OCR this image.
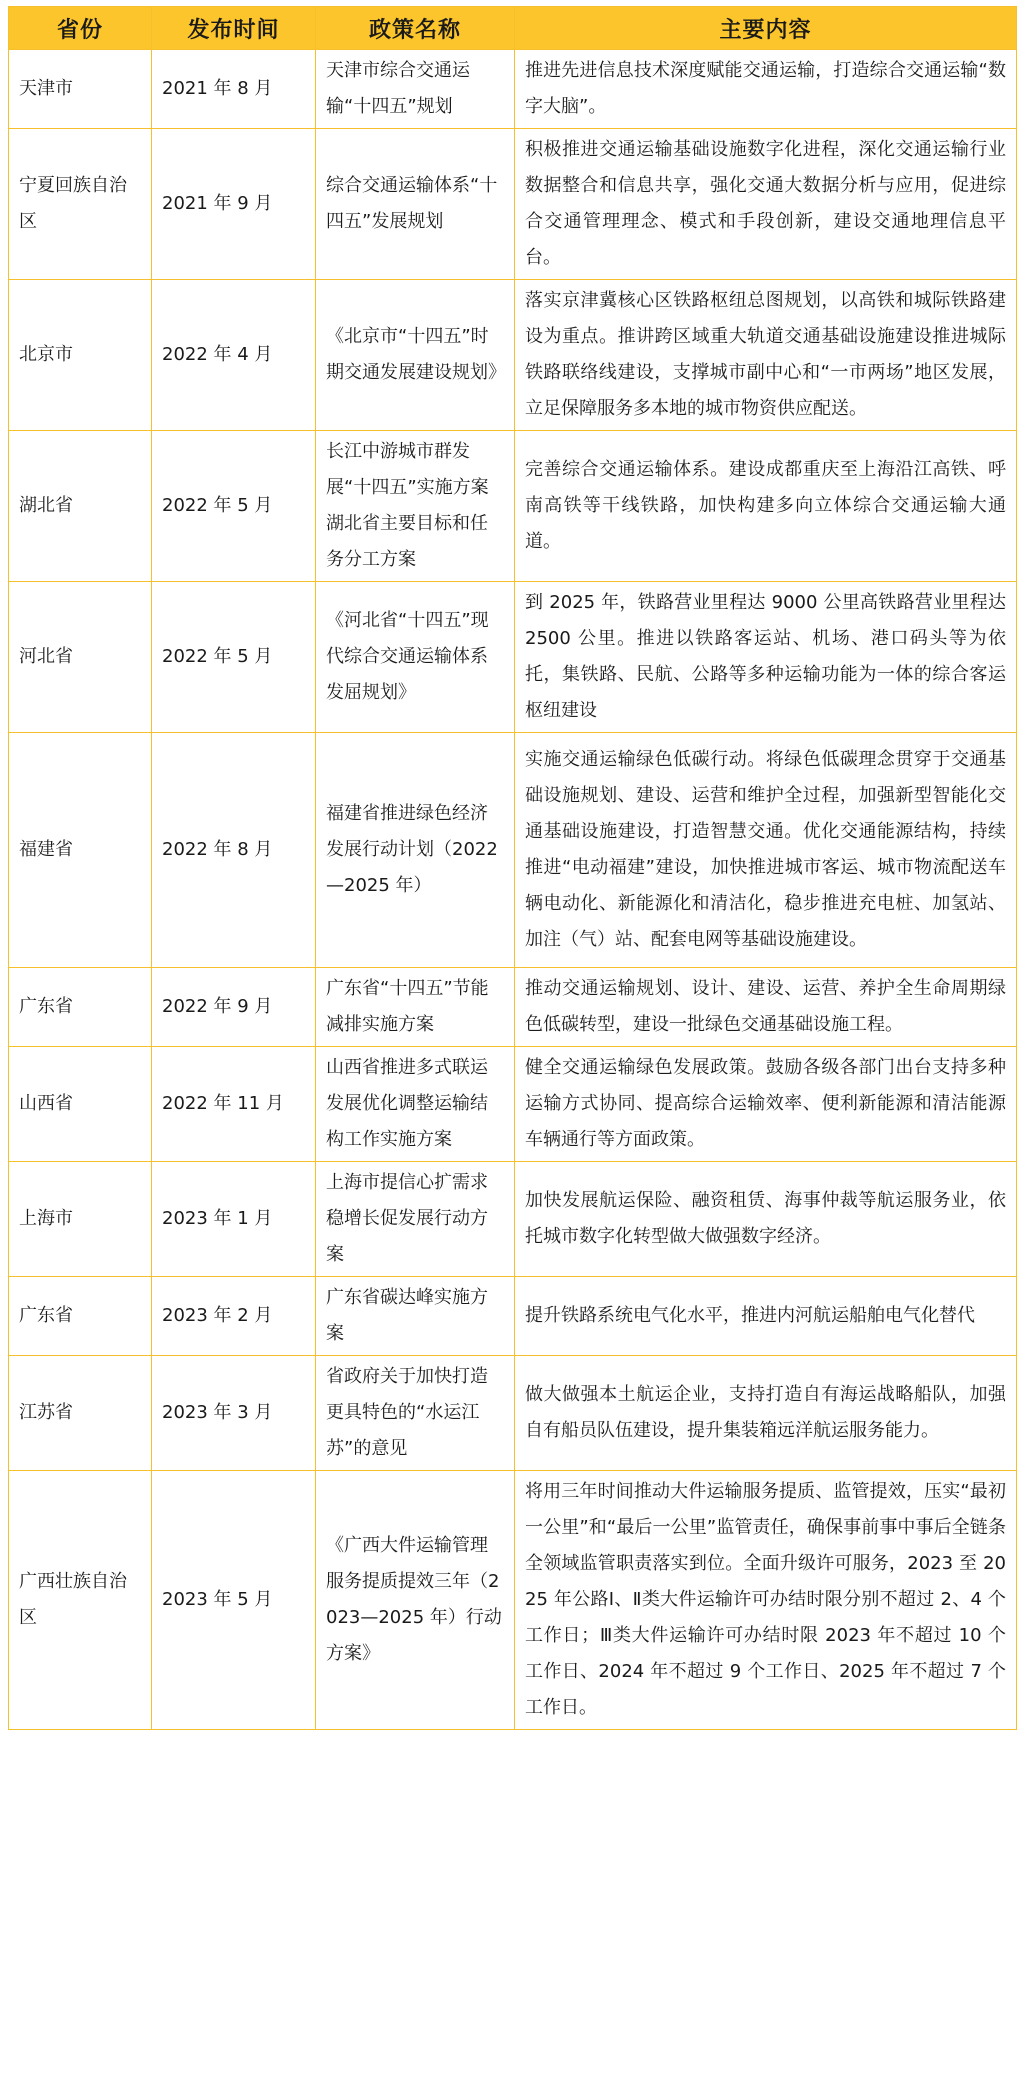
省份	发布时间	政策名称	主要内容
天津市	2021 年 8 月	天津市综合交通运输“十四五”规划	推进先进信息技术深度赋能交通运输，打造综合交通运输“数字大脑”。
宁夏回族自治区	2021 年 9 月	综合交通运输体系“十四五”发展规划	积极推进交通运输基础设施数字化进程，深化交通运输行业数据整合和信息共享，强化交通大数据分析与应用，促进综合交通管理理念、模式和手段创新，建设交通地理信息平台。
北京市	2022 年 4 月	《北京市“十四五”时期交通发展建设规划》	落实京津冀核心区铁路枢纽总图规划，以高铁和城际铁路建设为重点。推讲跨区域重大轨道交通基础设施建设推进城际铁路联络线建设，支撑城市副中心和“一市两场”地区发展，立足保障服务多本地的城市物资供应配送。
湖北省	2022 年 5 月	长江中游城市群发展“十四五”实施方案湖北省主要目标和任务分工方案	完善综合交通运输体系。建设成都重庆至上海沿江高铁、呼南高铁等干线铁路，加快构建多向立体综合交通运输大通道。
河北省	2022 年 5 月	《河北省“十四五”现代综合交通运输体系发屈规划》	到 2025 年，铁路营业里程达 9000 公里高铁路营业里程达 2500 公里。推进以铁路客运站、机场、港口码头等为依托，集铁路、民航、公路等多种运输功能为一体的综合客运枢纽建设
福建省	2022 年 8 月	福建省推进绿色经济发展行动计划（2022—2025 年）	实施交通运输绿色低碳行动。将绿色低碳理念贯穿于交通基础设施规划、建设、运营和维护全过程，加强新型智能化交通基础设施建设，打造智慧交通。优化交通能源结构，持续推进“电动福建”建设，加快推进城市客运、城市物流配送车辆电动化、新能源化和清洁化，稳步推进充电桩、加氢站、加注（气）站、配套电网等基础设施建设。
广东省	2022 年 9 月	广东省“十四五”节能减排实施方案	推动交通运输规划、设计、建设、运营、养护全生命周期绿色低碳转型，建设一批绿色交通基础设施工程。
山西省	2022 年 11 月	山西省推进多式联运发展优化调整运输结构工作实施方案	健全交通运输绿色发展政策。鼓励各级各部门出台支持多种运输方式协同、提高综合运输效率、便利新能源和清洁能源车辆通行等方面政策。
上海市	2023 年 1 月	上海市提信心扩需求稳增长促发展行动方案	加快发展航运保险、融资租赁、海事仲裁等航运服务业，依托城市数字化转型做大做强数字经济。
广东省	2023 年 2 月	广东省碳达峰实施方案	提升铁路系统电气化水平，推进内河航运船舶电气化替代
江苏省	2023 年 3 月	省政府关于加快打造更具特色的“水运江苏”的意见	做大做强本土航运企业，支持打造自有海运战略船队，加强自有船员队伍建设，提升集装箱远洋航运服务能力。
广西壮族自治区	2023 年 5 月	《广西大件运输管理服务提质提效三年（2023—2025 年）行动方案》	将用三年时间推动大件运输服务提质、监管提效，压实“最初一公里”和“最后一公里”监管责任，确保事前事中事后全链条全领域监管职责落实到位。全面升级许可服务，2023 至 2025 年公路Ⅰ、Ⅱ类大件运输许可办结时限分别不超过 2、4 个工作日；Ⅲ类大件运输许可办结时限 2023 年不超过 10 个工作日、2024 年不超过 9 个工作日、2025 年不超过 7 个工作日。
